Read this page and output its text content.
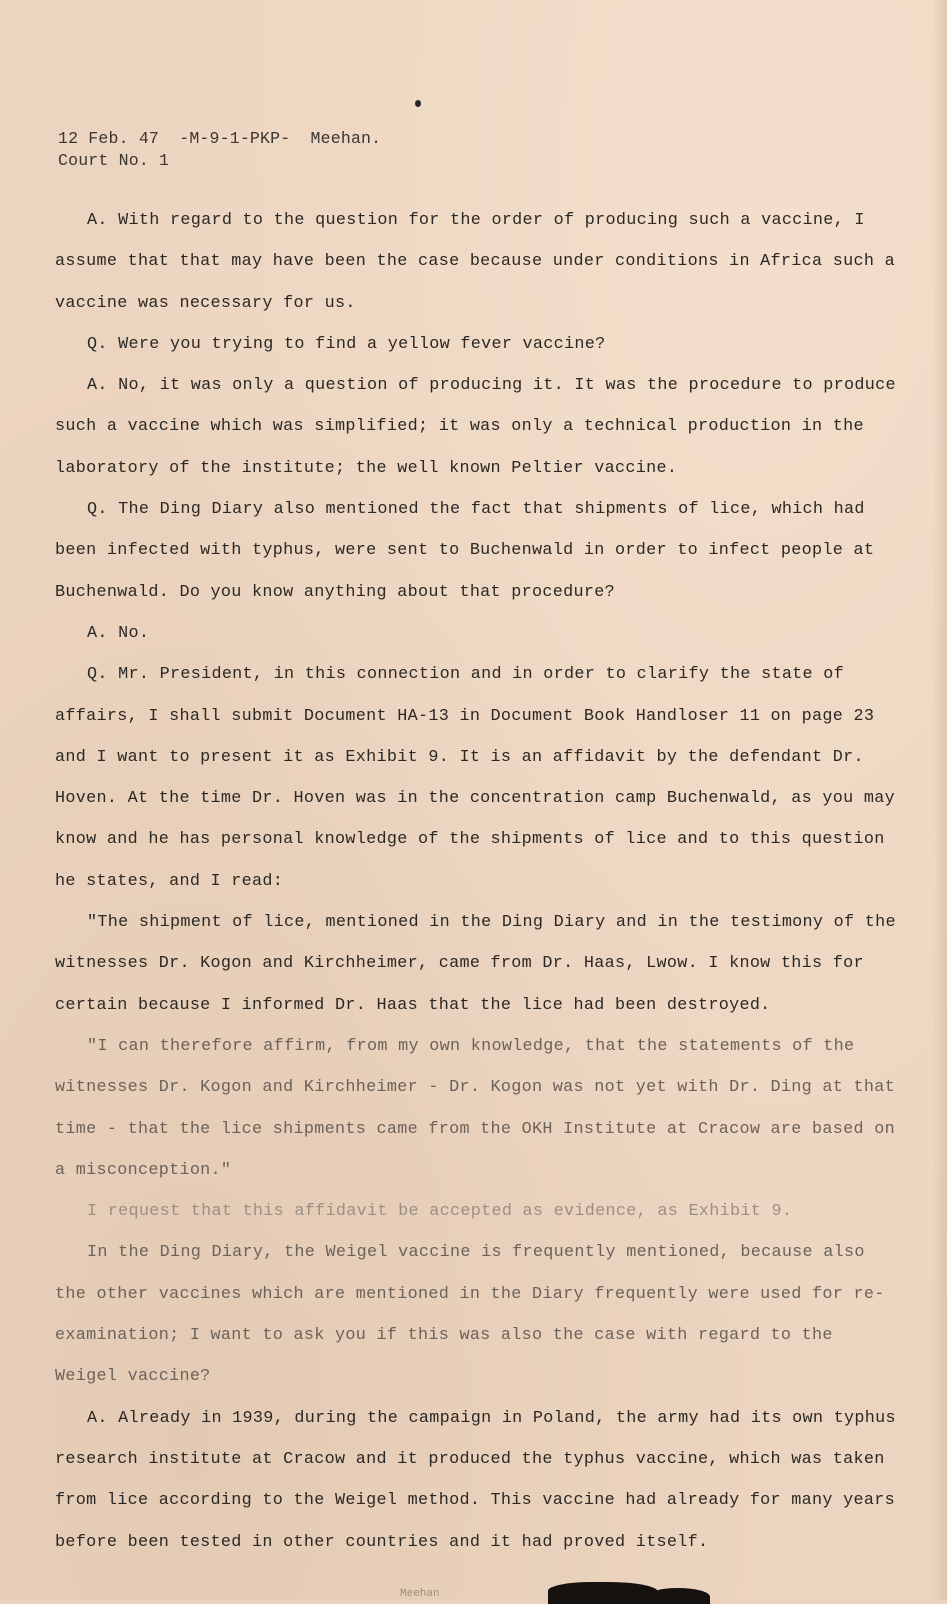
12 Feb. 47  -M-9-1-PKP-  Meehan.
Court No. 1

A. With regard to the question for the order of producing such a vaccine, I assume that that may have been the case because under conditions in Africa such a vaccine was necessary for us.

Q. Were you trying to find a yellow fever vaccine?

A. No, it was only a question of producing it. It was the procedure to produce such a vaccine which was simplified; it was only a technical production in the laboratory of the institute; the well known Peltier vaccine.

Q. The Ding Diary also mentioned the fact that shipments of lice, which had been infected with typhus, were sent to Buchenwald in order to infect people at Buchenwald. Do you know anything about that procedure?

A. No.

Q. Mr. President, in this connection and in order to clarify the state of affairs, I shall submit Document HA-13 in Document Book Handloser 11 on page 23 and I want to present it as Exhibit 9. It is an affidavit by the defendant Dr. Hoven. At the time Dr. Hoven was in the concentration camp Buchenwald, as you may know and he has personal knowledge of the shipments of lice and to this question he states, and I read:

"The shipment of lice, mentioned in the Ding Diary and in the testimony of the witnesses Dr. Kogon and Kirchheimer, came from Dr. Haas, Lwow. I know this for certain because I informed Dr. Haas that the lice had been destroyed.

"I can therefore affirm, from my own knowledge, that the statements of the witnesses Dr. Kogon and Kirchheimer - Dr. Kogon was not yet with Dr. Ding at that time - that the lice shipments came from the OKH Institute at Cracow are based on a misconception."

I request that this affidavit be accepted as evidence, as Exhibit 9.

In the Ding Diary, the Weigel vaccine is frequently mentioned, because also the other vaccines which are mentioned in the Diary frequently were used for re-examination; I want to ask you if this was also the case with regard to the Weigel vaccine?

A. Already in 1939, during the campaign in Poland, the army had its own typhus research institute at Cracow and it produced the typhus vaccine, which was taken from lice according to the Weigel method. This vaccine had already for many years before been tested in other countries and it had proved itself.

Meehan
